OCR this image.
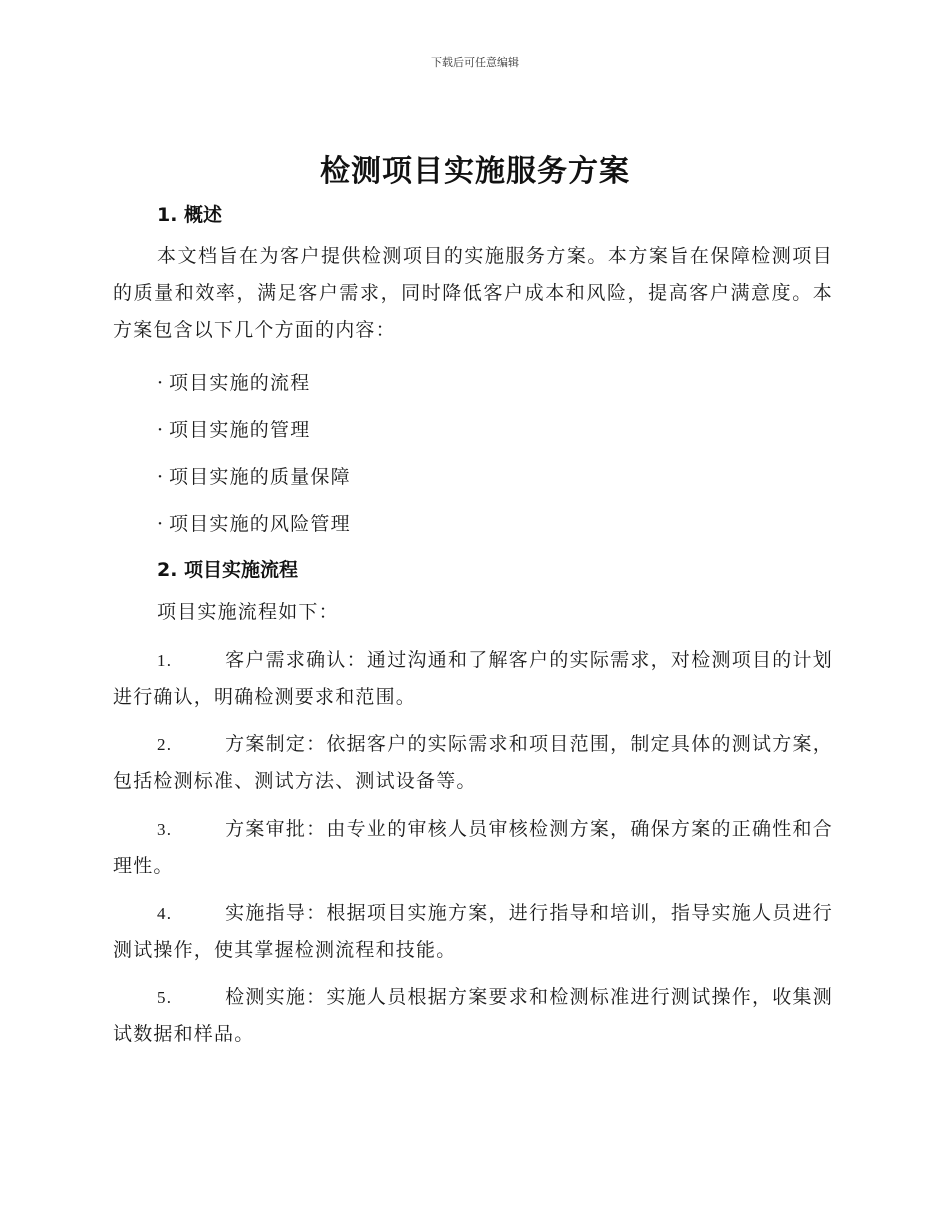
下载后可任意编辑
检测项目实施服务方案
1. 概述

本文档旨在为客户提供检测项目的实施服务方案。本方案旨在保障检测项目的质量和效率，满足客户需求，同时降低客户成本和风险，提高客户满意度。本方案包含以下几个方面的内容：

· 项目实施的流程
· 项目实施的管理
· 项目实施的质量保障
· 项目实施的风险管理
2. 项目实施流程
项目实施流程如下：

1.	客户需求确认：通过沟通和了解客户的实际需求，对检测项目的计划进行确认，明确检测要求和范围。

2.	方案制定：依据客户的实际需求和项目范围，制定具体的测试方案，包括检测标准、测试方法、测试设备等。

3.	方案审批：由专业的审核人员审核检测方案，确保方案的正确性和合理性。

4.	实施指导：根据项目实施方案，进行指导和培训，指导实施人员进行测试操作，使其掌握检测流程和技能。

5.	检测实施：实施人员根据方案要求和检测标准进行测试操作，收集测试数据和样品。
